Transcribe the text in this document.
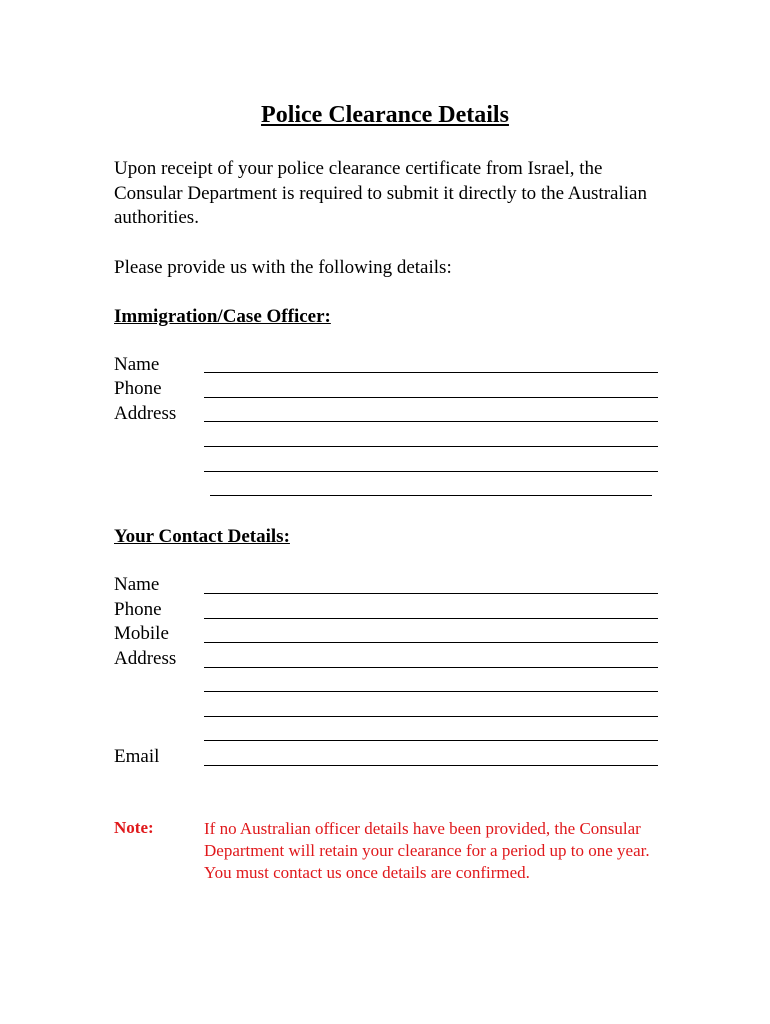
Police Clearance Details
Upon receipt of your police clearance certificate from Israel, the Consular Department is required to submit it directly to the Australian authorities.
Please provide us with the following details:
Immigration/Case Officer:
Name
Phone
Address
Your Contact Details:
Name
Phone
Mobile
Address
Email
Note:	If no Australian officer details have been provided, the Consular Department will retain your clearance for a period up to one year. You must contact us once details are confirmed.
